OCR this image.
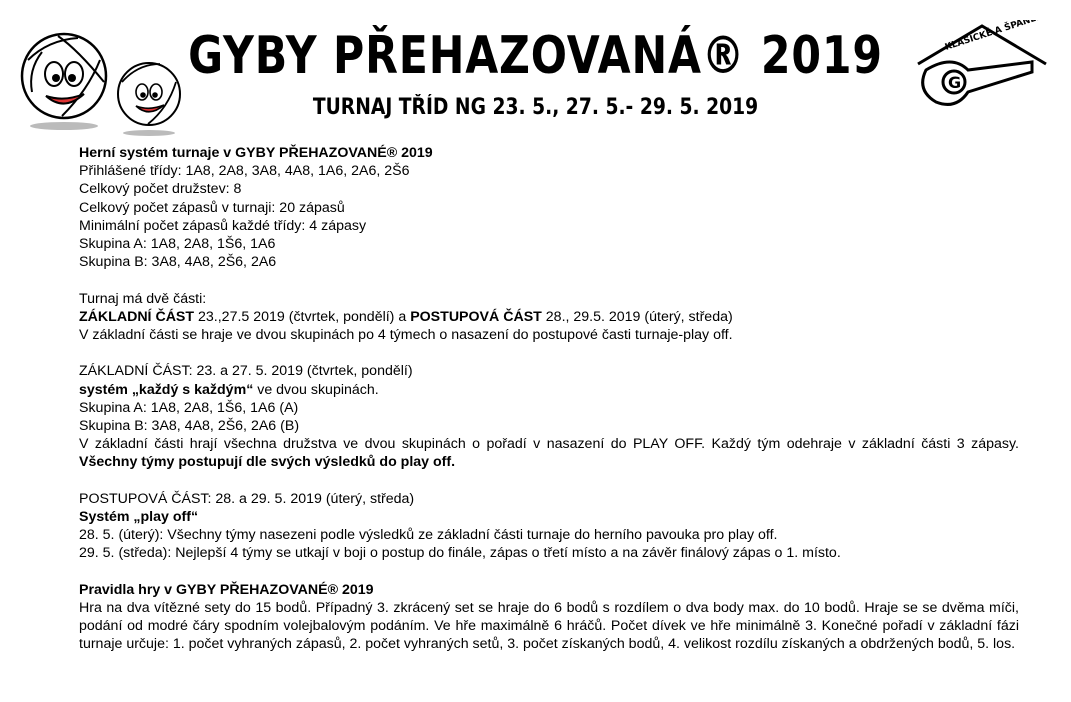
GYBY PŘEHAZOVANÁ® 2019
TURNAJ TŘÍD NG 23. 5., 27. 5.- 29. 5. 2019
G
KLASICKÉ A ŠPANĚLSKÉ
Herní systém turnaje v GYBY PŘEHAZOVANÉ® 2019
Přihlášené třídy: 1A8, 2A8, 3A8, 4A8, 1A6, 2A6, 2Š6
Celkový počet družstev: 8
Celkový počet zápasů v turnaji: 20 zápasů
Minimální počet zápasů každé třídy: 4 zápasy
Skupina A: 1A8, 2A8, 1Š6, 1A6
Skupina B: 3A8, 4A8, 2Š6, 2A6
Turnaj má dvě části:
ZÁKLADNÍ ČÁST 23.,27.5 2019 (čtvrtek, pondělí) a POSTUPOVÁ ČÁST 28., 29.5. 2019 (úterý, středa)
V základní části se hraje ve dvou skupinách po 4 týmech o nasazení do postupové časti turnaje-play off.
ZÁKLADNÍ ČÁST: 23. a 27. 5. 2019 (čtvrtek, pondělí)
systém „každý s každým“ ve dvou skupinách.
Skupina A: 1A8, 2A8, 1Š6, 1A6 (A)
Skupina B: 3A8, 4A8, 2Š6, 2A6 (B)
V základní části hrají všechna družstva ve dvou skupinách o pořadí v nasazení do PLAY OFF. Každý tým odehraje v základní části 3 zápasy. Všechny týmy postupují dle svých výsledků do play off.
POSTUPOVÁ ČÁST: 28. a 29. 5. 2019 (úterý, středa)
Systém „play off“
28. 5. (úterý): Všechny týmy nasezeni podle výsledků ze základní části turnaje do herního pavouka pro play off.
29. 5. (středa): Nejlepší 4 týmy se utkají v boji o postup do finále, zápas o třetí místo a na závěr finálový zápas o 1. místo.
Pravidla hry v GYBY PŘEHAZOVANÉ® 2019
Hra na dva vítězné sety do 15 bodů. Případný 3. zkrácený set se hraje do 6 bodů s rozdílem o dva body max. do 10 bodů. Hraje se se dvěma míči, podání od modré čáry spodním volejbalovým podáním. Ve hře maximálně 6 hráčů. Počet dívek ve hře minimálně 3. Konečné pořadí v základní fázi turnaje určuje: 1. počet vyhraných zápasů, 2. počet vyhraných setů, 3. počet získaných bodů, 4. velikost rozdílu získaných a obdržených bodů, 5. los.
